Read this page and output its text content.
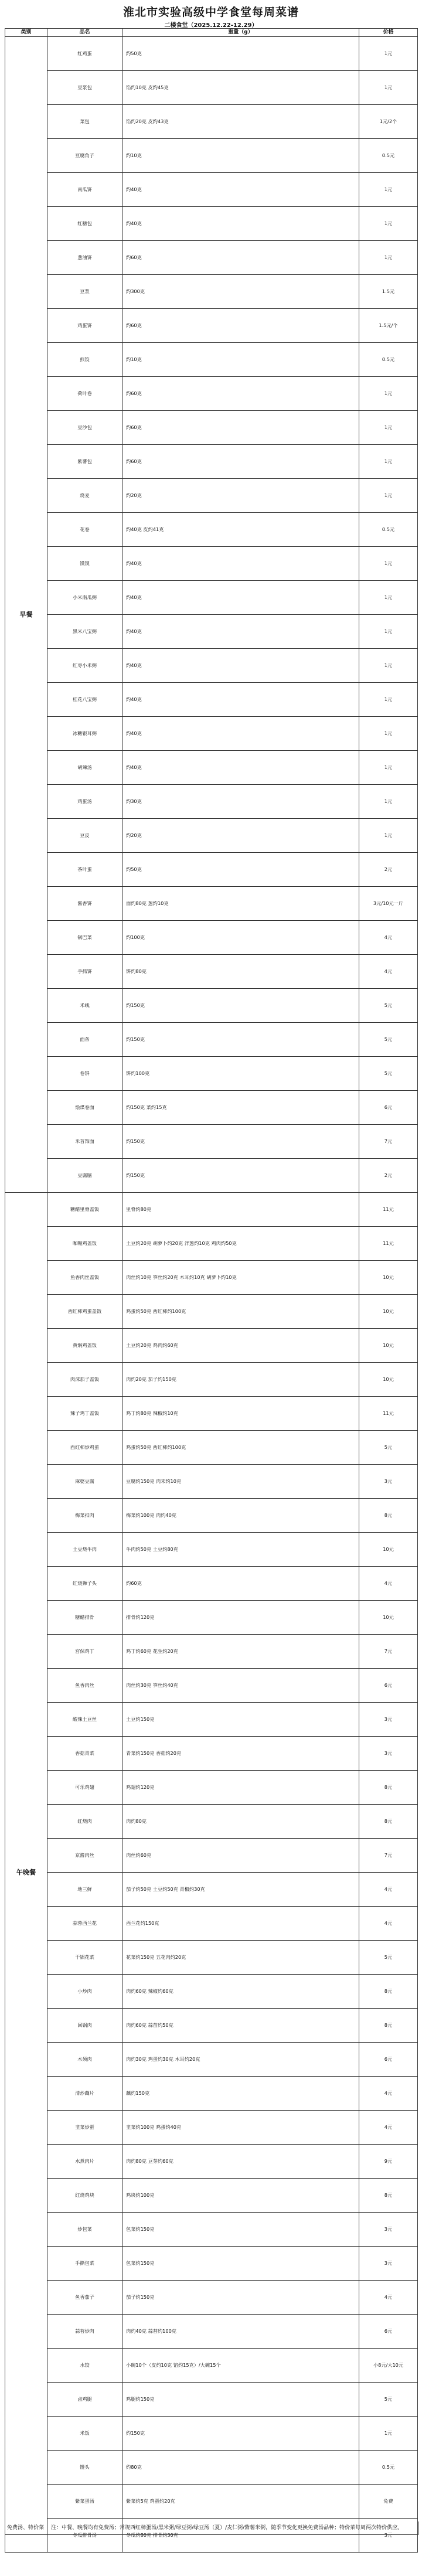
淮北市实验高级中学食堂每周菜谱
二楼食堂（2025.12.22-12.29）
类别	品名	重量（g）	价格
早餐	红鸡蛋	约50克	1元
	豆浆包	馅约10克 皮约45克	1元
	菜包	馅约20克 皮约43克	1元/2个
	豆腐角子	约10克	0.5元
	南瓜饼	约40克	1元
	红糖包	约40克	1元
	葱油饼	约60克	1元
	豆浆	约300克	1.5元
	鸡蛋饼	约60克	1.5元/个
	煎饺	约10克	0.5元
	荷叶卷	约60克	1元
	豆沙包	约60克	1元
	紫薯包	约60克	1元
	烧麦	约20克	1元
	花卷	约40克 皮约41克	0.5元
	馍馍	约40克	1元
	小米南瓜粥	约40克	1元
	黑米八宝粥	约40克	1元
	红枣小米粥	约40克	1元
	桂花八宝粥	约40克	1元
	冰糖银耳粥	约40克	1元
	胡辣汤	约40克	1元
	鸡蛋汤	约30克	1元
	豆皮	约20克	1元
	茶叶蛋	约50克	2元
	酱香饼	面约80克 葱约10克	3元/10元一斤
	锅巴菜	约100克	4元
	手抓饼	饼约80克	4元
	米线	约150克	5元
	面条	约150克	5元
	卷饼	饼约100克	5元
	烩煤卷面	约150克 菜约15克	6元
	米首饰面	约150克	7元
	豆腐脑	约150克	2元
午晚餐	糖醋里脊盖饭	里脊约80克	11元
	咖喱鸡盖饭	土豆约20克 胡萝卜约20克 洋葱约10克 鸡肉约50克	11元
	鱼香肉丝盖饭	肉丝约10克 笋丝约20克 木耳约10克 胡萝卜约10克	10元
	西红柿鸡蛋盖饭	鸡蛋约50克 西红柿约100克	10元
	黄焖鸡盖饭	土豆约20克 鸡肉约60克	10元
	肉沫茄子盖饭	肉约20克 茄子约150克	10元
	辣子鸡丁盖饭	鸡丁约80克 辣椒约10克	11元
	西红柿炒鸡蛋	鸡蛋约50克 西红柿约100克	5元
	麻婆豆腐	豆腐约150克 肉末约10克	3元
	梅菜扣肉	梅菜约100克 肉约40克	8元
	土豆烧牛肉	牛肉约50克 土豆约80克	10元
	红烧狮子头	约60克	4元
	糖醋排骨	排骨约120克	10元
	宫保鸡丁	鸡丁约60克 花生约20克	7元
	鱼香肉丝	肉丝约30克 笋丝约40克	6元
	酸辣土豆丝	土豆约150克	3元
	香菇青菜	青菜约150克 香菇约20克	3元
	可乐鸡翅	鸡翅约120克	8元
	红烧肉	肉约80克	8元
	京酱肉丝	肉丝约60克	7元
	地三鲜	茄子约50克 土豆约50克 青椒约30克	4元
	蒜蓉西兰花	西兰花约150克	4元
	干锅花菜	花菜约150克 五花肉约20克	5元
	小炒肉	肉约60克 辣椒约60克	8元
	回锅肉	肉约60克 蒜苗约50克	8元
	木须肉	肉约30克 鸡蛋约30克 木耳约20克	6元
	清炒藕片	藕约150克	4元
	韭菜炒蛋	韭菜约100克 鸡蛋约40克	4元
	水煮肉片	肉约80克 豆芽约60克	9元
	红烧鸡块	鸡块约100克	8元
	炒包菜	包菜约150克	3元
	手撕包菜	包菜约150克	3元
	鱼香茄子	茄子约150克	4元
	蒜苔炒肉	肉约40克 蒜苔约100克	6元
	水饺	小碗10个（皮约10克 馅约15克）/大碗15个	小8元/大10元
	卤鸡腿	鸡腿约150克	5元
	米饭	约150克	1元
	馒头	约80克	0.5元
	紫菜蛋汤	紫菜约5克 鸡蛋约20克	免费
	冬瓜排骨汤	冬瓜约80克 排骨约30克	3元
免费汤、特价菜	注：中餐、晚餐均有免费汤；常规西红柿蛋汤/黑米粥/绿豆粥/绿豆汤（夏）/麦仁粥/紫薯米粥，随季节变化更换免费汤品种；特价菜每周两次特价供应。
